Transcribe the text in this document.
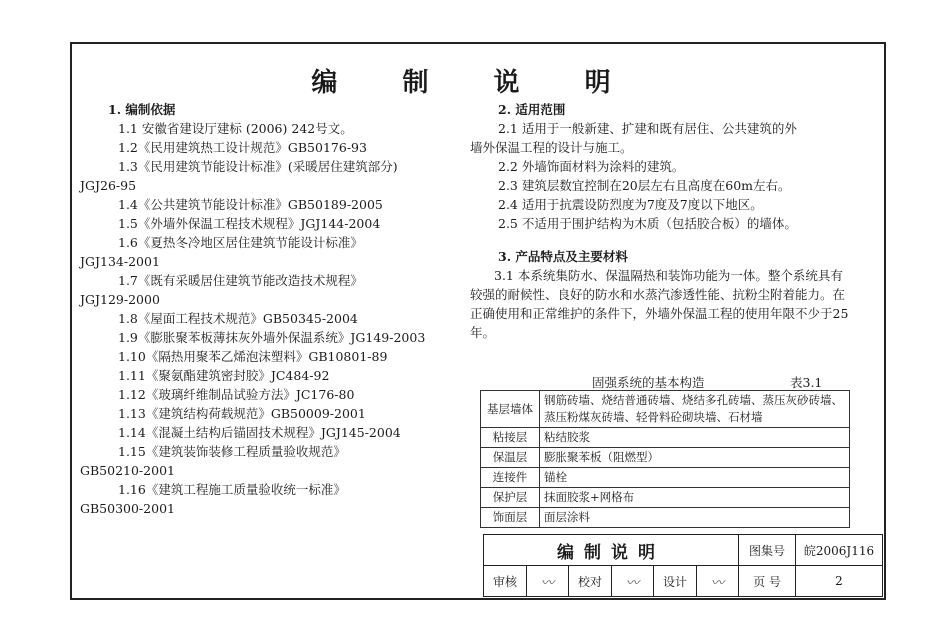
编 制 说 明
1. 编制依据
1.1 安徽省建设厅建标 (2006) 242号文。
1.2《民用建筑热工设计规范》GB50176-93
1.3《民用建筑节能设计标准》(采暖居住建筑部分)
JGJ26-95
1.4《公共建筑节能设计标准》GB50189-2005
1.5《外墙外保温工程技术规程》JGJ144-2004
1.6《夏热冬冷地区居住建筑节能设计标准》
JGJ134-2001
1.7《既有采暖居住建筑节能改造技术规程》
JGJ129-2000
1.8《屋面工程技术规范》GB50345-2004
1.9《膨胀聚苯板薄抹灰外墙外保温系统》JG149-2003
1.10《隔热用聚苯乙烯泡沫塑料》GB10801-89
1.11《聚氨酯建筑密封胶》JC484-92
1.12《玻璃纤维制品试验方法》JC176-80
1.13《建筑结构荷载规范》GB50009-2001
1.14《混凝土结构后锚固技术规程》JGJ145-2004
1.15《建筑装饰装修工程质量验收规范》
GB50210-2001
1.16《建筑工程施工质量验收统一标准》
GB50300-2001
2. 适用范围
2.1 适用于一般新建、扩建和既有居住、公共建筑的外
墙外保温工程的设计与施工。
2.2 外墙饰面材料为涂料的建筑。
2.3 建筑层数宜控制在20层左右且高度在60m左右。
2.4 适用于抗震设防烈度为7度及7度以下地区。
2.5 不适用于围护结构为木质（包括胶合板）的墙体。
3. 产品特点及主要材料
3.1 本系统集防水、保温隔热和装饰功能为一体。整个系统具有较强的耐候性、良好的防水和水蒸汽渗透性能、抗粉尘附着能力。在正确使用和正常维护的条件下，外墙外保温工程的使用年限不少于25年。
固强系统的基本构造	表3.1
基层墙体	钢筋砖墙、烧结普通砖墙、烧结多孔砖墙、蒸压灰砂砖墙、蒸压粉煤灰砖墙、轻骨料砼砌块墙、石材墙
粘接层	粘结胶浆
保温层	膨胀聚苯板（阻燃型）
连接件	锚栓
保护层	抹面胶浆+网格布
饰面层	面层涂料
编制说明						图集号	皖2006J116
审核	〰	校对	〰	设计	〰	页 号	2
